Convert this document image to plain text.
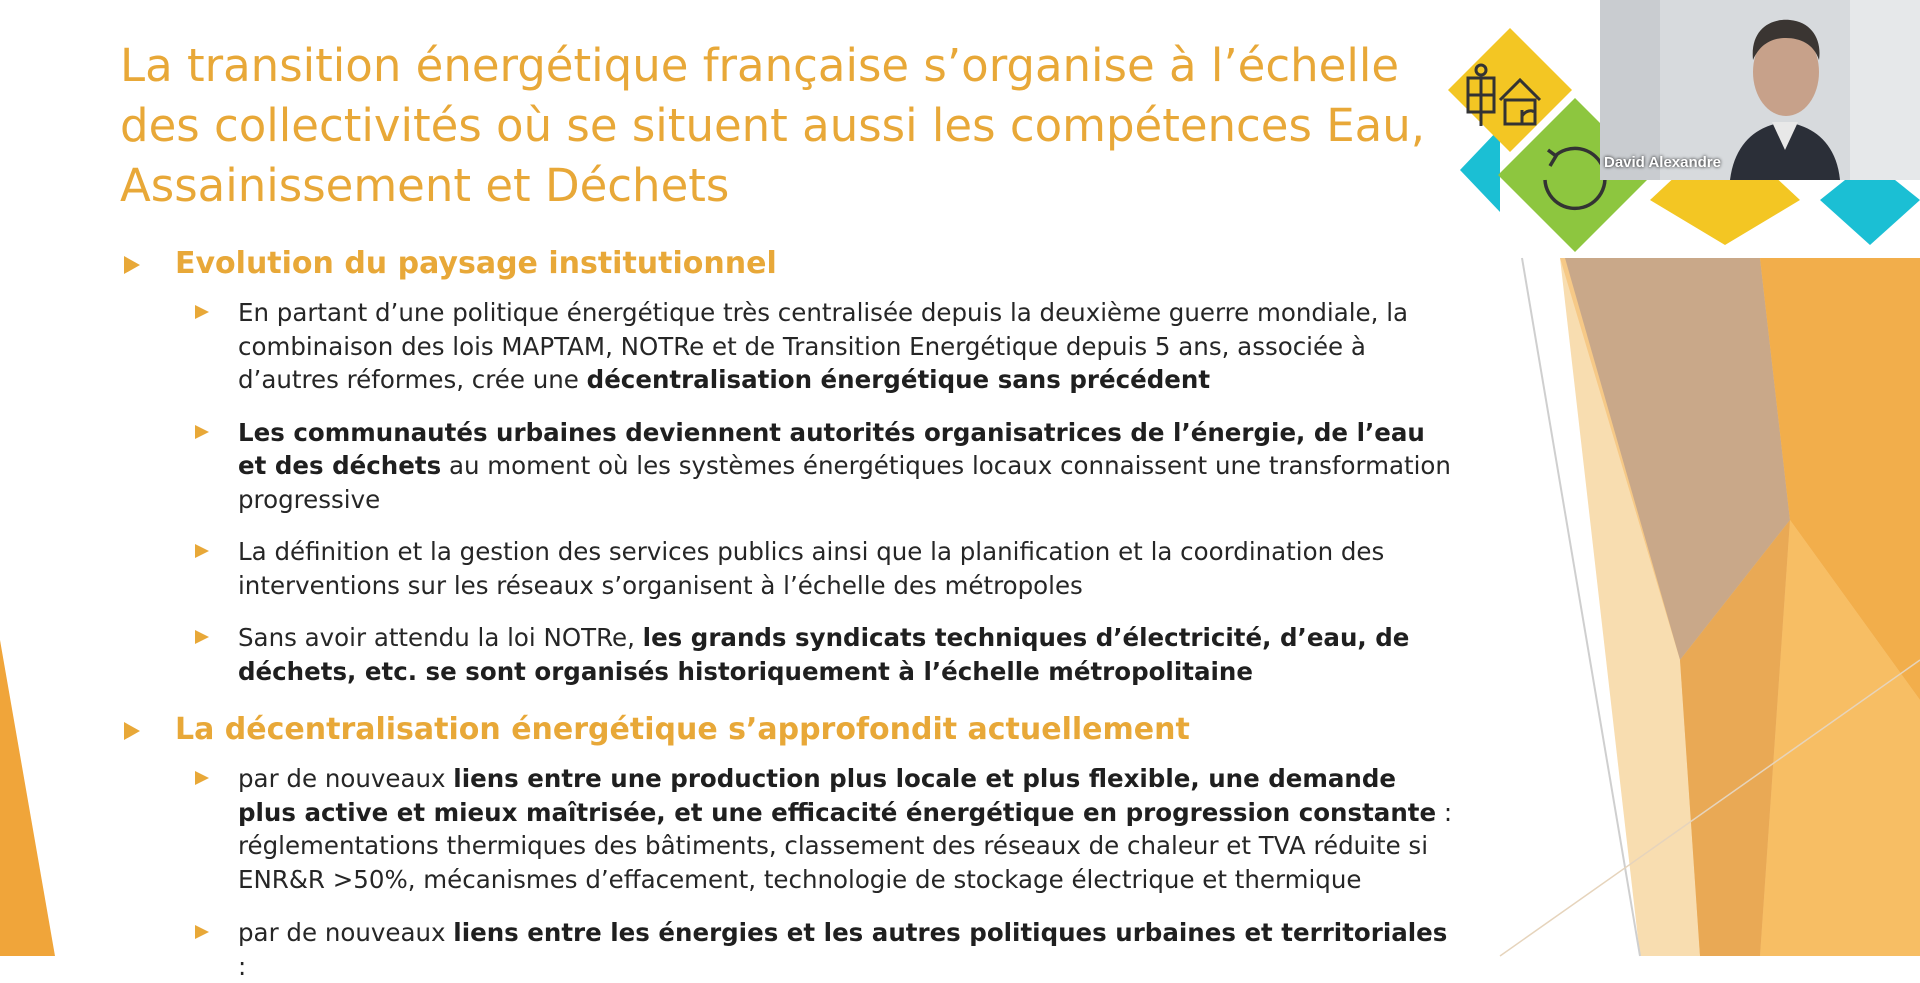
La transition énergétique française s’organise à l’échelle
des collectivités où se situent aussi les compétences Eau,
Assainissement et Déchets
Evolution du paysage institutionnel
En partant d’une politique énergétique très centralisée depuis la deuxième guerre mondiale, la combinaison des lois MAPTAM, NOTRe et de Transition Energétique depuis 5 ans, associée à d’autres réformes, crée une décentralisation énergétique sans précédent
Les communautés urbaines deviennent autorités organisatrices de l’énergie, de l’eau et des déchets au moment où les systèmes énergétiques locaux connaissent une transformation progressive
La définition et la gestion des services publics ainsi que la planification et la coordination des interventions sur les réseaux s’organisent à l’échelle des métropoles
Sans avoir attendu la loi NOTRe, les grands syndicats techniques d’électricité, d’eau, de déchets, etc. se sont organisés historiquement à l’échelle métropolitaine
La décentralisation énergétique s’approfondit actuellement
par de nouveaux liens entre une production plus locale et plus flexible, une demande plus active et mieux maîtrisée, et une efficacité énergétique en progression constante : réglementations thermiques des bâtiments, classement des réseaux de chaleur et TVA réduite si ENR&R >50%, mécanismes d’effacement, technologie de stockage électrique et thermique
par de nouveaux liens entre les énergies et les autres politiques urbaines et territoriales :
David Alexandre
